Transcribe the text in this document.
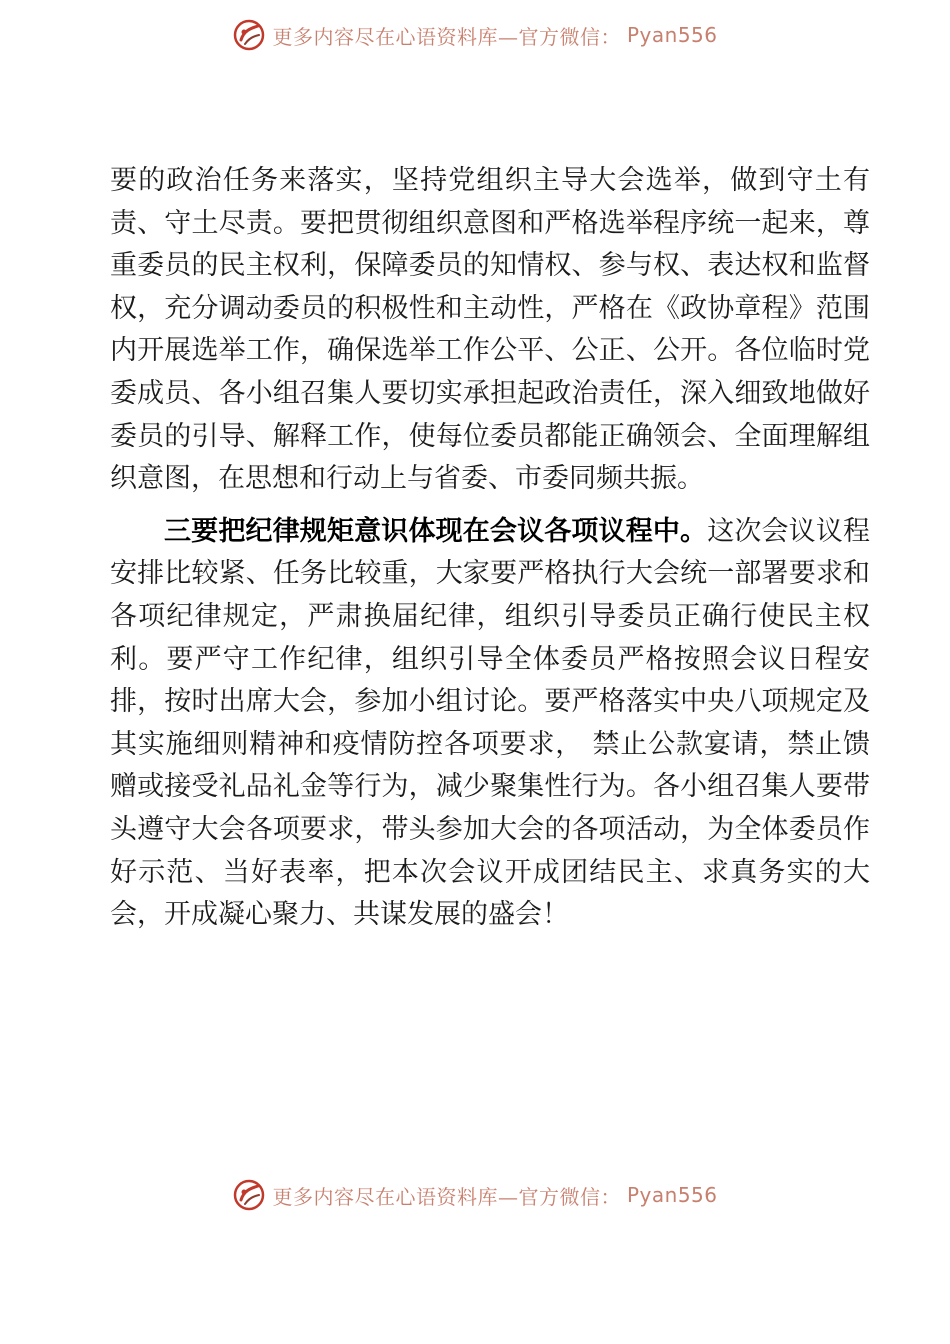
更多内容尽在心语资料库—官方微信： Pyan556

要的政治任务来落实，坚持党组织主导大会选举，做到守土有责、守土尽责。要把贯彻组织意图和严格选举程序统一起来，尊重委员的民主权利，保障委员的知情权、参与权、表达权和监督权，充分调动委员的积极性和主动性，严格在《政协章程》范围内开展选举工作，确保选举工作公平、公正、公开。各位临时党委成员、各小组召集人要切实承担起政治责任，深入细致地做好委员的引导、解释工作，使每位委员都能正确领会、全面理解组织意图，在思想和行动上与省委、市委同频共振。

三要把纪律规矩意识体现在会议各项议程中。这次会议议程安排比较紧、任务比较重，大家要严格执行大会统一部署要求和各项纪律规定，严肃换届纪律，组织引导委员正确行使民主权利。要严守工作纪律，组织引导全体委员严格按照会议日程安排，按时出席大会，参加小组讨论。要严格落实中央八项规定及其实施细则精神和疫情防控各项要求， 禁止公款宴请，禁止馈赠或接受礼品礼金等行为，减少聚集性行为。各小组召集人要带头遵守大会各项要求，带头参加大会的各项活动，为全体委员作好示范、当好表率，把本次会议开成团结民主、求真务实的大会，开成凝心聚力、共谋发展的盛会！

更多内容尽在心语资料库—官方微信： Pyan556
